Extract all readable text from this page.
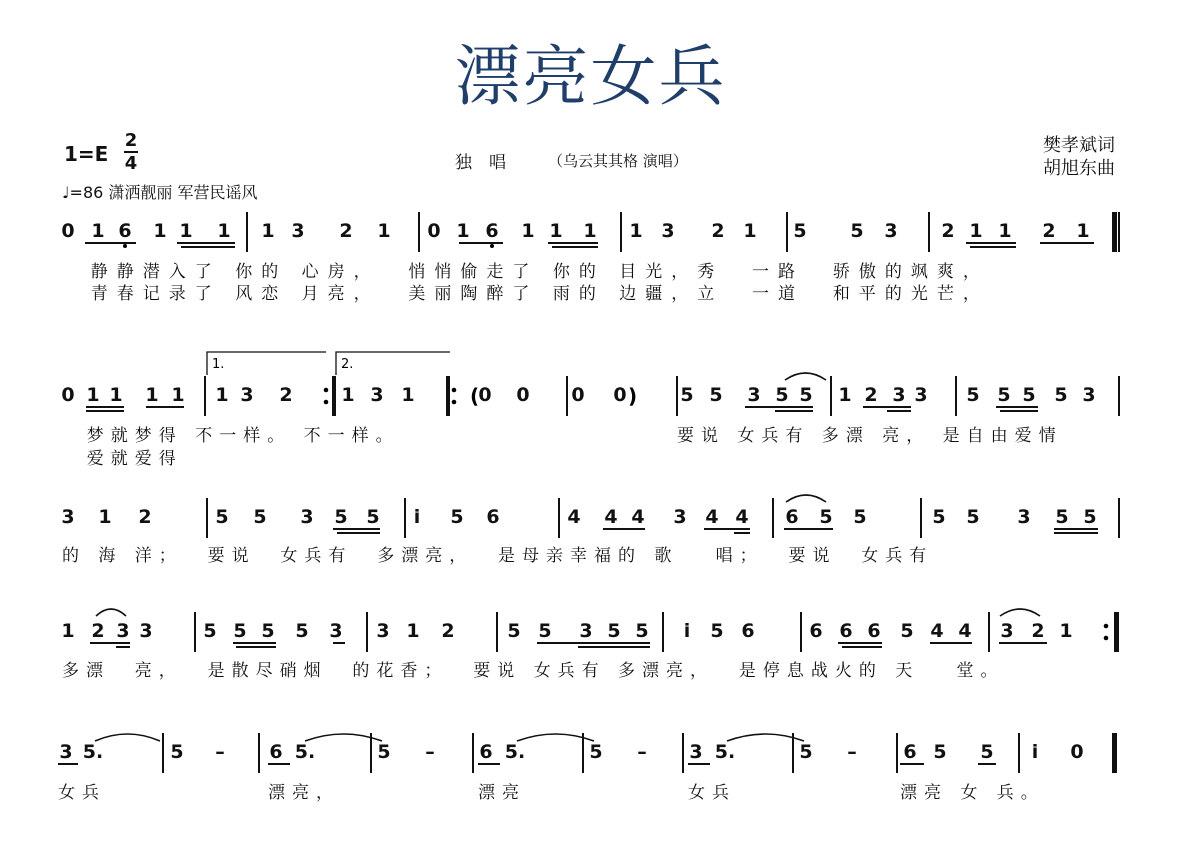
漂亮女兵
1=E
2
4	独　唱	（乌云其其格 演唱）
♩=86 潇洒靓丽 军营民谣风
樊孝斌词
胡旭东曲
0 1 6 1 1 1 1 3 2 1 0 1 6 1 1 1 1 3 2 1 5 5 3 2 1 1 2 1
静静潜入了 你的 心房，  悄悄偷走了 你的 目光，秀  一路  骄傲的飒爽，
青春记录了 风恋 月亮，  美丽陶醉了 雨的 边疆，立  一道  和平的光芒，
0 1 1 1 1 1 3 2	1 3 1	0 0 0 0	5 5 3 5 5 1 2 3 3 5 5 5 5 3
梦就梦得 不一样。 不一样。
爱就爱得
要说 女兵有 多漂 亮， 是自由爱情
3 1 2	5 5 3 5 5 i 5 6	4 4 4 3 4 4 6 5 5	5 5 3 5 5
的 海 洋；  要说  女兵有  多漂亮，  是母亲幸福的 歌   唱；  要说  女兵有
1 2 3 3	5 5 5 5 3 3 1 2	5 5 3 5 5 i 5 6	6 6 6 5 4 4 3 2 1
多漂  亮，  是散尽硝烟  的花香；  要说 女兵有 多漂亮，  是停息战火的 天   堂。
3 5.	5 – 6 5.	5 – 6 5.	5 – 3 5.	5 – 6 5 5 i 0
女兵	漂亮，	漂亮	女兵	漂亮 女 兵。
1.	2.
(	)
